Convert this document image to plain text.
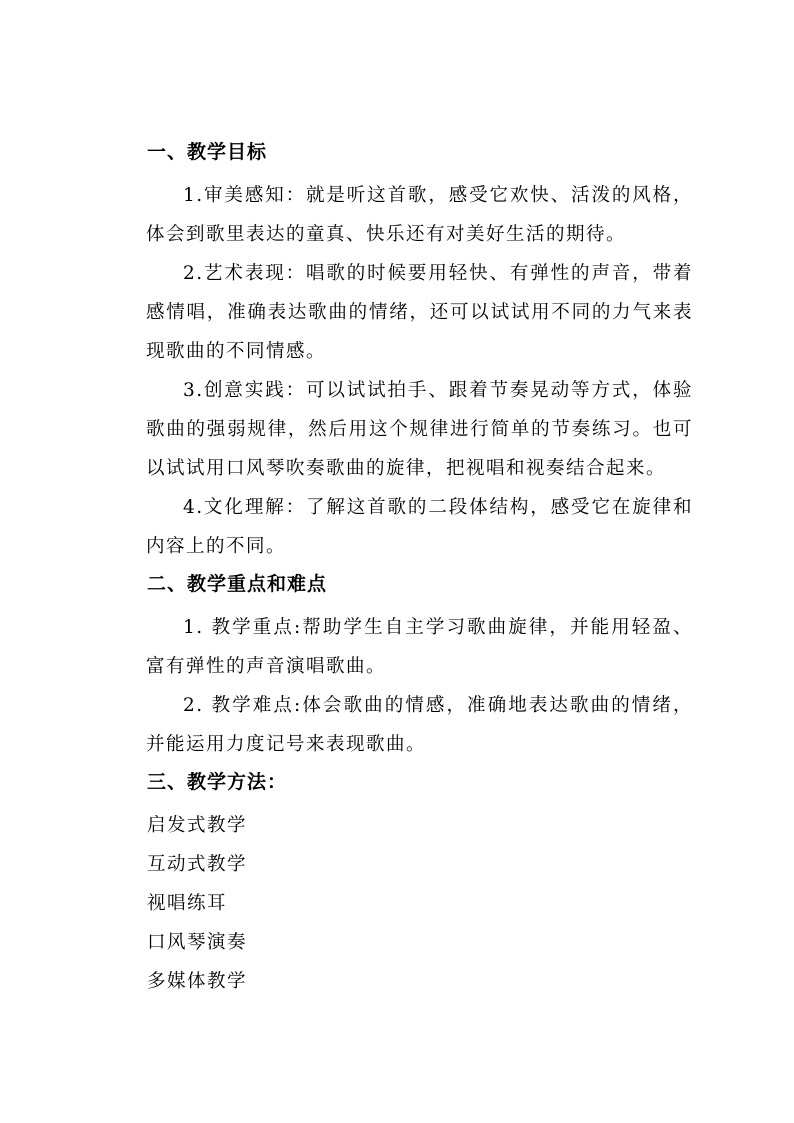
一、教学目标

1.审美感知：就是听这首歌，感受它欢快、活泼的风格，体会到歌里表达的童真、快乐还有对美好生活的期待。

2.艺术表现：唱歌的时候要用轻快、有弹性的声音，带着感情唱，准确表达歌曲的情绪，还可以试试用不同的力气来表现歌曲的不同情感。

3.创意实践：可以试试拍手、跟着节奏晃动等方式，体验歌曲的强弱规律，然后用这个规律进行简单的节奏练习。也可以试试用口风琴吹奏歌曲的旋律，把视唱和视奏结合起来。

4.文化理解：了解这首歌的二段体结构，感受它在旋律和内容上的不同。

二、教学重点和难点

1. 教学重点:帮助学生自主学习歌曲旋律，并能用轻盈、富有弹性的声音演唱歌曲。

2. 教学难点:体会歌曲的情感，准确地表达歌曲的情绪，并能运用力度记号来表现歌曲。

三、教学方法：
启发式教学
互动式教学
视唱练耳
口风琴演奏
多媒体教学
